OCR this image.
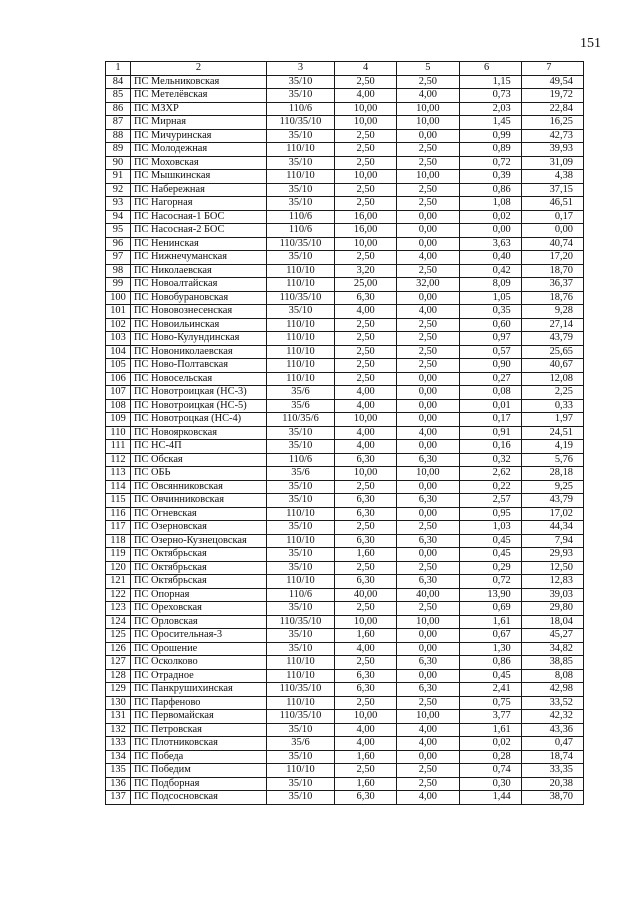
151
1	2	3	4	5	6	7
84	ПС Мельниковская	35/10	2,50	2,50	1,15	49,54
85	ПС Метелёвская	35/10	4,00	4,00	0,73	19,72
86	ПС МЗХР	110/6	10,00	10,00	2,03	22,84
87	ПС Мирная	110/35/10	10,00	10,00	1,45	16,25
88	ПС Мичуринская	35/10	2,50	0,00	0,99	42,73
89	ПС Молодежная	110/10	2,50	2,50	0,89	39,93
90	ПС Моховская	35/10	2,50	2,50	0,72	31,09
91	ПС Мышкинская	110/10	10,00	10,00	0,39	4,38
92	ПС Набережная	35/10	2,50	2,50	0,86	37,15
93	ПС Нагорная	35/10	2,50	2,50	1,08	46,51
94	ПС Насосная-1 БОС	110/6	16,00	0,00	0,02	0,17
95	ПС Насосная-2 БОС	110/6	16,00	0,00	0,00	0,00
96	ПС Ненинская	110/35/10	10,00	0,00	3,63	40,74
97	ПС Нижнечуманская	35/10	2,50	4,00	0,40	17,20
98	ПС Николаевская	110/10	3,20	2,50	0,42	18,70
99	ПС Новоалтайская	110/10	25,00	32,00	8,09	36,37
100	ПС Новобурановская	110/35/10	6,30	0,00	1,05	18,76
101	ПС Нововознесенская	35/10	4,00	4,00	0,35	9,28
102	ПС Новоильинская	110/10	2,50	2,50	0,60	27,14
103	ПС Ново-Кулундинская	110/10	2,50	2,50	0,97	43,79
104	ПС Новониколаевская	110/10	2,50	2,50	0,57	25,65
105	ПС Ново-Полтавская	110/10	2,50	2,50	0,90	40,67
106	ПС Новосельская	110/10	2,50	0,00	0,27	12,08
107	ПС Новотроицкая (НС-3)	35/6	4,00	0,00	0,08	2,25
108	ПС Новотроицкая (НС-5)	35/6	4,00	0,00	0,01	0,33
109	ПС Новотроцкая (НС-4)	110/35/6	10,00	0,00	0,17	1,97
110	ПС Новоярковская	35/10	4,00	4,00	0,91	24,51
111	ПС НС-4П	35/10	4,00	0,00	0,16	4,19
112	ПС Обская	110/6	6,30	6,30	0,32	5,76
113	ПС ОБЬ	35/6	10,00	10,00	2,62	28,18
114	ПС Овсянниковская	35/10	2,50	0,00	0,22	9,25
115	ПС Овчинниковская	35/10	6,30	6,30	2,57	43,79
116	ПС Огневская	110/10	6,30	0,00	0,95	17,02
117	ПС Озерновская	35/10	2,50	2,50	1,03	44,34
118	ПС Озерно-Кузнецовская	110/10	6,30	6,30	0,45	7,94
119	ПС Октябрьская	35/10	1,60	0,00	0,45	29,93
120	ПС Октябрьская	35/10	2,50	2,50	0,29	12,50
121	ПС Октябрьская	110/10	6,30	6,30	0,72	12,83
122	ПС Опорная	110/6	40,00	40,00	13,90	39,03
123	ПС Ореховская	35/10	2,50	2,50	0,69	29,80
124	ПС Орловская	110/35/10	10,00	10,00	1,61	18,04
125	ПС Оросительная-3	35/10	1,60	0,00	0,67	45,27
126	ПС Орошение	35/10	4,00	0,00	1,30	34,82
127	ПС Осколково	110/10	2,50	6,30	0,86	38,85
128	ПС Отрадное	110/10	6,30	0,00	0,45	8,08
129	ПС Панкрушихинская	110/35/10	6,30	6,30	2,41	42,98
130	ПС Парфеново	110/10	2,50	2,50	0,75	33,52
131	ПС Первомайская	110/35/10	10,00	10,00	3,77	42,32
132	ПС Петровская	35/10	4,00	4,00	1,61	43,36
133	ПС Плотниковская	35/6	4,00	4,00	0,02	0,47
134	ПС Победа	35/10	1,60	0,00	0,28	18,74
135	ПС Победим	110/10	2,50	2,50	0,74	33,35
136	ПС Подборная	35/10	1,60	2,50	0,30	20,38
137	ПС Подсосновская	35/10	6,30	4,00	1,44	38,70
